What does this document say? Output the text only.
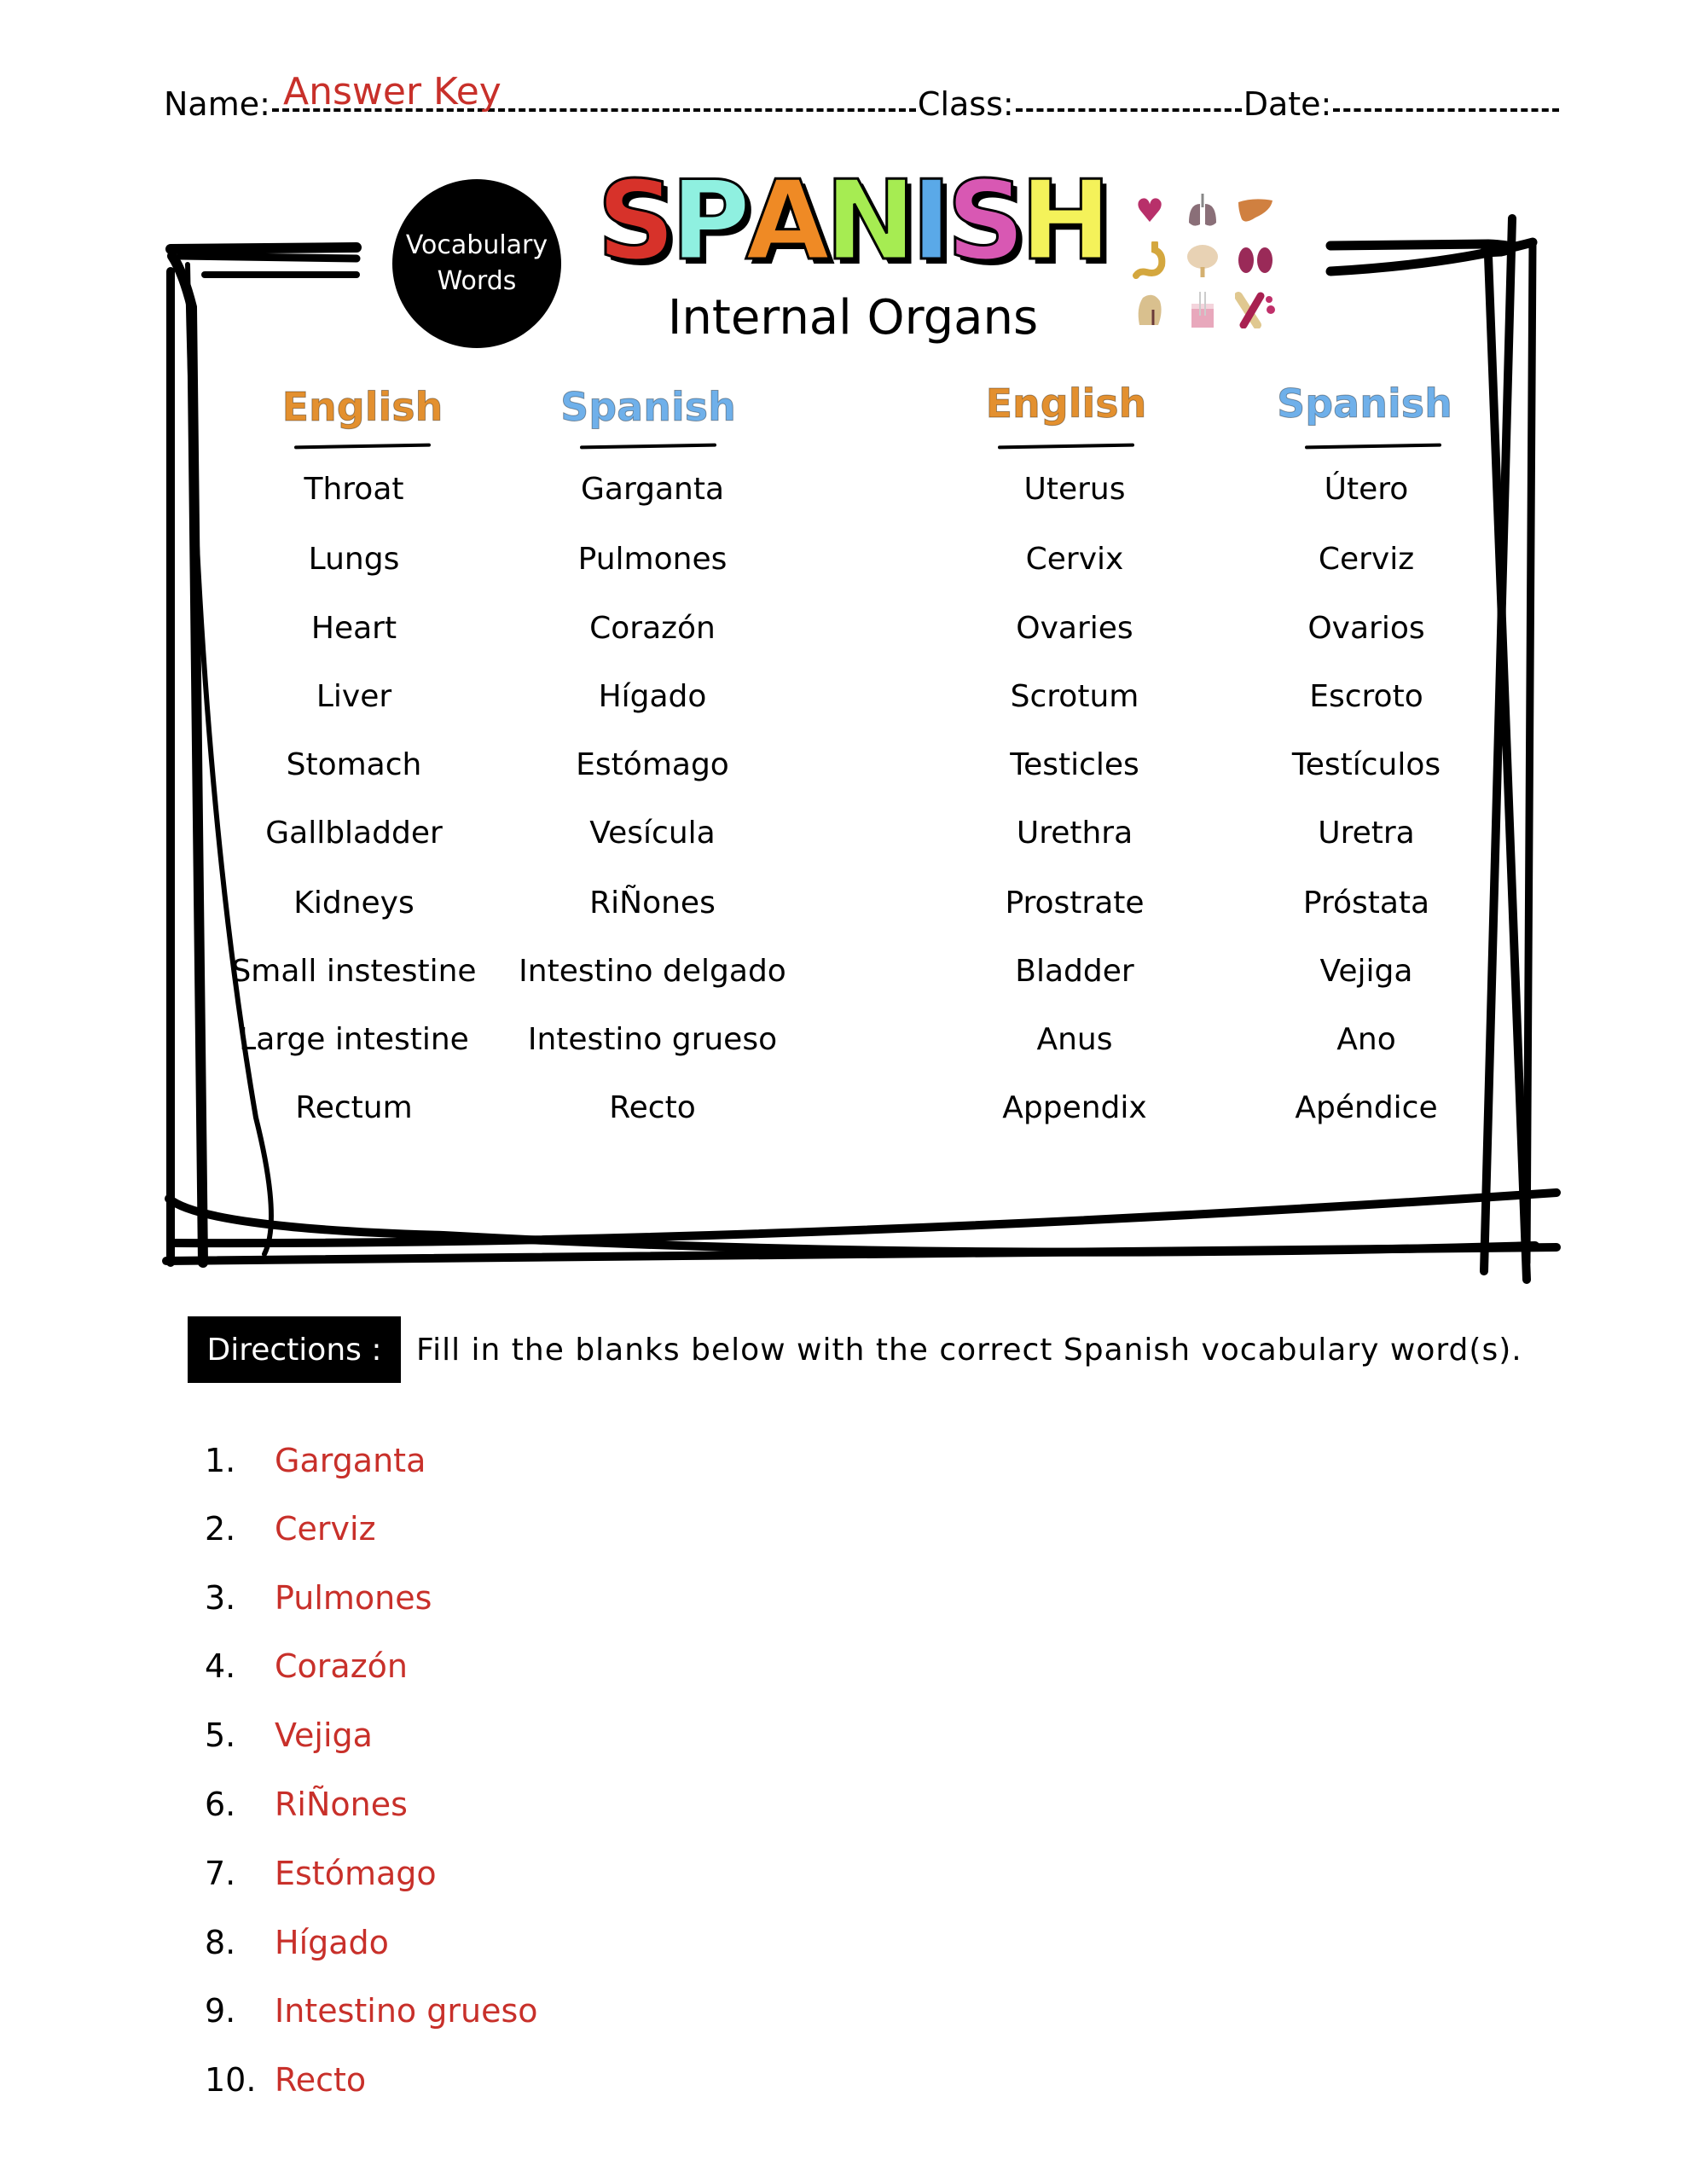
Name:	Class:	Date:
Answer Key
Vocabulary
Words S P A N I S H
Internal Organs
♥
English	Spanish
Throat	Garganta
Lungs	Pulmones
Heart	Corazón
Liver	Hígado
Stomach	Estómago
Gallbladder	Vesícula
Kidneys	RiÑones
Small instestine	Intestino delgado
Large intestine	Intestino grueso
Rectum	Recto
English	Spanish
Uterus	Útero
Cervix	Cerviz
Ovaries	Ovarios
Scrotum	Escroto
Testicles	Testículos
Urethra	Uretra
Prostrate	Próstata
Bladder	Vejiga
Anus	Ano
Appendix	Apéndice
Directions :	Fill in the blanks below with the correct Spanish vocabulary word(s).
1.	Garganta
2.	Cerviz
3.	Pulmones
4.	Corazón
5.	Vejiga
6.	RiÑones
7.	Estómago
8.	Hígado
9.	Intestino grueso
10. Recto
